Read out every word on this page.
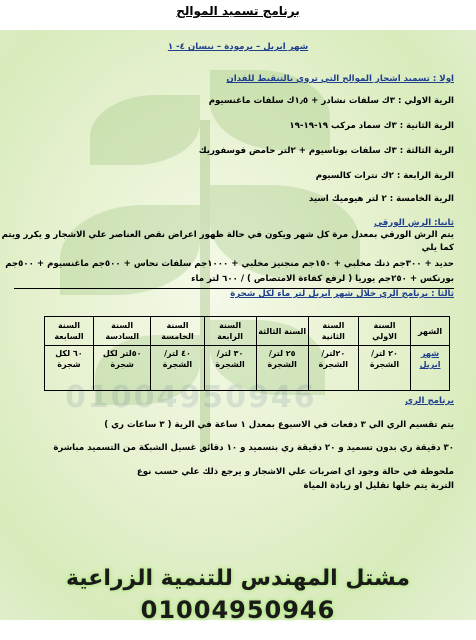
01004950946
برنامج تسميد الموالح
شهر ابريل – برمودة – نيسان ٤- ١
اولا : تسميد اشجار الموالح التي تروي بالتنقيط للفدان
الرية الاولي : ٣ك سلفات نشادر + ١٫٥ك سلفات ماغنسيوم
الرية الثانية : ٣ك سماد مركب ١٩-١٩-١٩
الرية الثالثة : ٣ك سلفات بوتاسيوم + ٢لتر حامض فوسفوريك
الرية الرابعة : ٢ك نترات كالسيوم
الرية الخامسة : ٢ لتر هيوميك اسيد
ثانيا: الرش الورقي
يتم الرش الورقي بمعدل مرة كل شهر ويكون في حالة ظهور اعراض نقص العناصر علي الاشجار و يكرر ويتم
كما يلي
حديد + ٣٠٠جم ذنك مخلبي + ١٥٠جم منجنيز مخلبي + ١٠٠٠جم سلفات نحاس + ٥٠٠جم ماغنسيوم + ٥٠٠جم
بورنكس + ٢٥٠جم يوريا ( لرفع كفاءة الامتصاص ) / ٦٠٠ لتر ماء
ثالثا : برنامج الري خلال شهر ابريل لتر ماء لكل شجرة
الشهر	السنة الاولي	السنة الثانية	السنة الثالثة	السنة الرابعة	السنة الخامسة	السنة السادسة	السنة السابعة
شهر ابريل	٢٠ لتر/ الشجرة	٢٠لتر/ الشجرة	٢٥ لتر/ الشجرة	٣٠ لتر/ الشجرة	٤٠ لتر/ الشجرة	٥٠لتر لكل شجرة	٦٠ لكل شجرة
برنامج الري
يتم تقسيم الري الي ٣ دفعات في الاسبوع بمعدل ١ ساعة في الرية ( ٣ ساعات ري )
٣٠ دقيقة ري بدون تسميد و ٢٠ دقيقة ري بتسميد و ١٠ دقائق غسيل الشبكة من التسميد مباشرة
ملحوظة في حالة وجود اي اضربات علي الاشجار و يرجع ذلك علي حسب نوع
التربة يتم خلها تقليل او زيادة المياة
مشتل المهندس للتنمية الزراعية
01004950946
